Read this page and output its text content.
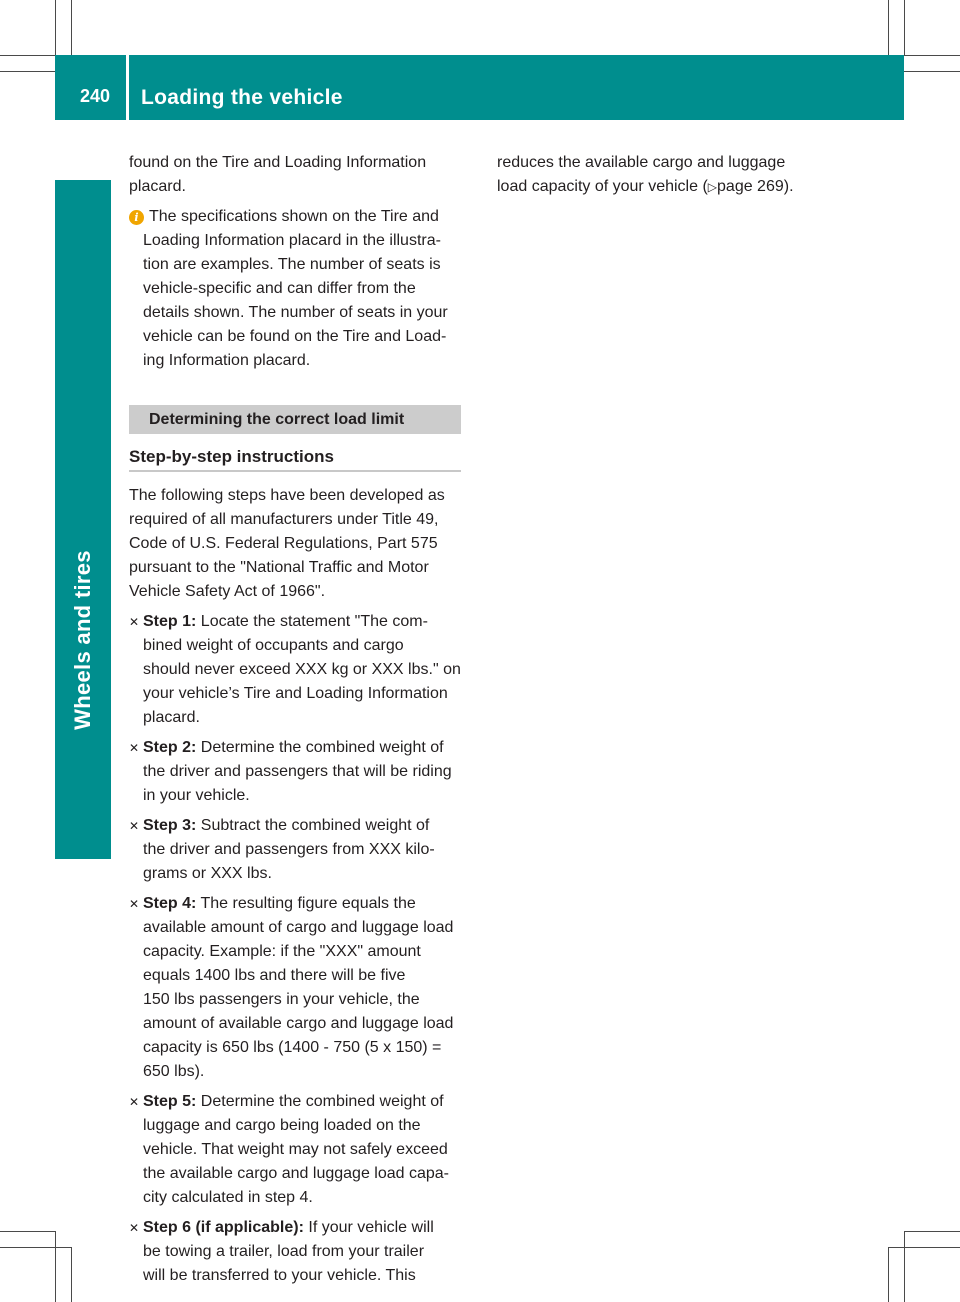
240 Loading the vehicle
Wheels and tires
found on the Tire and Loading Information
placard.
i The specifications shown on the Tire and
Loading Information placard in the illustra-
tion are examples. The number of seats is
vehicle-specific and can differ from the
details shown. The number of seats in your
vehicle can be found on the Tire and Load-
ing Information placard.
Determining the correct load limit
Step-by-step instructions
The following steps have been developed as
required of all manufacturers under Title 49,
Code of U.S. Federal Regulations, Part 575
pursuant to the "National Traffic and Motor
Vehicle Safety Act of 1966".
✕ Step 1: Locate the statement "The com-
bined weight of occupants and cargo
should never exceed XXX kg or XXX lbs." on
your vehicle’s Tire and Loading Information
placard.
✕ Step 2: Determine the combined weight of
the driver and passengers that will be riding
in your vehicle.
✕ Step 3: Subtract the combined weight of
the driver and passengers from XXX kilo-
grams or XXX lbs.
✕ Step 4: The resulting figure equals the
available amount of cargo and luggage load
capacity. Example: if the "XXX" amount
equals 1400 lbs and there will be five
150 lbs passengers in your vehicle, the
amount of available cargo and luggage load
capacity is 650 lbs (1400 - 750 (5 x 150) =
650 lbs).
✕ Step 5: Determine the combined weight of
luggage and cargo being loaded on the
vehicle. That weight may not safely exceed
the available cargo and luggage load capa-
city calculated in step 4.
✕ Step 6 (if applicable): If your vehicle will
be towing a trailer, load from your trailer
will be transferred to your vehicle. This
reduces the available cargo and luggage
load capacity of your vehicle (▷page 269).
